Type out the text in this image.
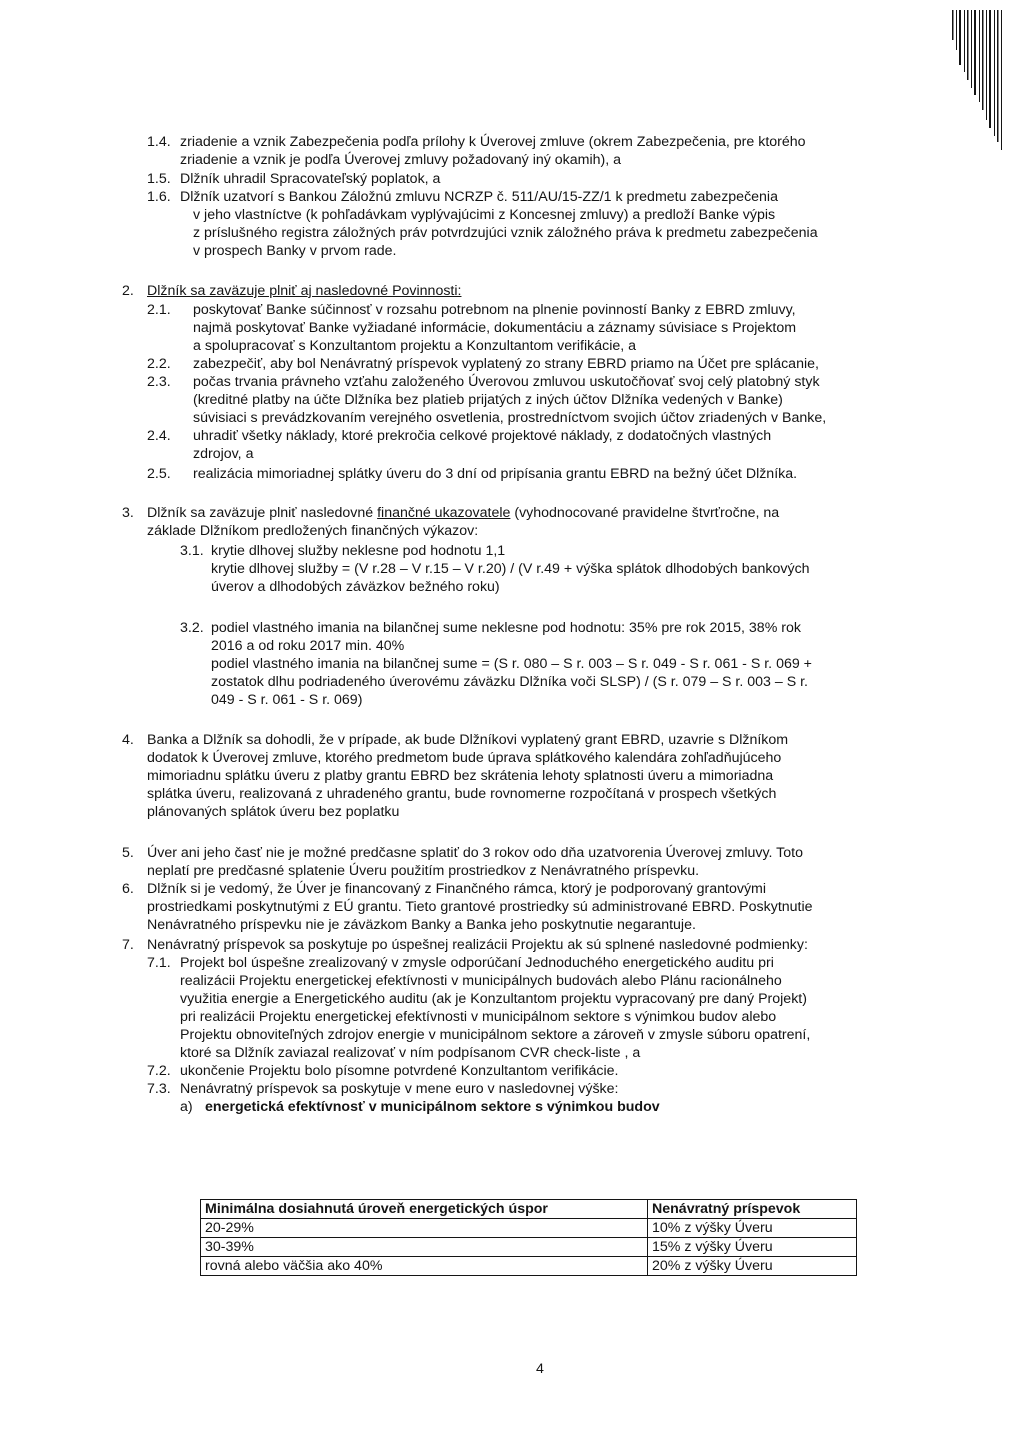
1.4. zriadenie a vznik Zabezpečenia podľa prílohy k Úverovej zmluve (okrem Zabezpečenia, pre ktorého
zriadenie a vznik je podľa Úverovej zmluvy požadovaný iný okamih), a
1.5. Dlžník uhradil Spracovateľský poplatok, a
1.6. Dlžník uzatvorí s Bankou Záložnú zmluvu NCRZP č. 511/AU/15-ZZ/1 k predmetu zabezpečenia
v jeho vlastníctve (k pohľadávkam vyplývajúcimi z Koncesnej zmluvy) a predloží Banke výpis
z príslušného registra záložných práv potvrdzujúci vznik záložného práva k predmetu zabezpečenia
v prospech Banky v prvom rade.
2. Dlžník sa zaväzuje plniť aj nasledovné Povinnosti:
2.1. poskytovať Banke súčinnosť v rozsahu potrebnom na plnenie povinností Banky z EBRD zmluvy,
najmä poskytovať Banke vyžiadané informácie, dokumentáciu a záznamy súvisiace s Projektom
a spolupracovať s Konzultantom projektu a Konzultantom verifikácie, a
2.2. zabezpečiť, aby bol Nenávratný príspevok vyplatený zo strany EBRD priamo na Účet pre splácanie,
2.3. počas trvania právneho vzťahu založeného Úverovou zmluvou uskutočňovať svoj celý platobný styk
(kreditné platby na účte Dlžníka bez platieb prijatých z iných účtov Dlžníka vedených v Banke)
súvisiaci s prevádzkovaním verejného osvetlenia, prostredníctvom svojich účtov zriadených v Banke,
2.4. uhradiť všetky náklady, ktoré prekročia celkové projektové náklady, z dodatočných vlastných
zdrojov, a
2.5. realizácia mimoriadnej splátky úveru do 3 dní od pripísania grantu EBRD na bežný účet Dlžníka.
3. Dlžník sa zaväzuje plniť nasledovné finančné ukazovatele (vyhodnocované pravidelne štvrťročne, na
základe Dlžníkom predložených finančných výkazov:
3.1. krytie dlhovej služby neklesne pod hodnotu 1,1
krytie dlhovej služby = (V r.28 – V r.15 – V r.20) / (V r.49 + výška splátok dlhodobých bankových
úverov a dlhodobých záväzkov bežného roku)
3.2. podiel vlastného imania na bilančnej sume neklesne pod hodnotu: 35% pre rok 2015, 38% rok
2016 a od roku 2017 min. 40%
podiel vlastného imania na bilančnej sume = (S r. 080 – S r. 003 – S r. 049 - S r. 061 - S r. 069 +
zostatok dlhu podriadeného úverovému záväzku Dlžníka voči SLSP) / (S r. 079 – S r. 003 – S r.
049 - S r. 061 - S r. 069)
4. Banka a Dlžník sa dohodli, že v prípade, ak bude Dlžníkovi vyplatený grant EBRD, uzavrie s Dlžníkom
dodatok k Úverovej zmluve, ktorého predmetom bude úprava splátkového kalendára zohľadňujúceho
mimoriadnu splátku úveru z platby grantu EBRD bez skrátenia lehoty splatnosti úveru a mimoriadna
splátka úveru, realizovaná z uhradeného grantu, bude rovnomerne rozpočítaná v prospech všetkých
plánovaných splátok úveru bez poplatku
5. Úver ani jeho časť nie je možné predčasne splatiť do 3 rokov odo dňa uzatvorenia Úverovej zmluvy. Toto
neplatí pre predčasné splatenie Úveru použitím prostriedkov z Nenávratného príspevku.
6. Dlžník si je vedomý, že Úver je financovaný z Finančného rámca, ktorý je podporovaný grantovými
prostriedkami poskytnutými z EÚ grantu. Tieto grantové prostriedky sú administrované EBRD. Poskytnutie
Nenávratného príspevku nie je záväzkom Banky a Banka jeho poskytnutie negarantuje.
7. Nenávratný príspevok sa poskytuje po úspešnej realizácii Projektu ak sú splnené nasledovné podmienky:
7.1. Projekt bol úspešne zrealizovaný v zmysle odporúčaní Jednoduchého energetického auditu pri
realizácii Projektu energetickej efektívnosti v municipálnych budovách alebo Plánu racionálneho
využitia energie a Energetického auditu (ak je Konzultantom projektu vypracovaný pre daný Projekt)
pri realizácii Projektu energetickej efektívnosti v municipálnom sektore s výnimkou budov alebo
Projektu obnoviteľných zdrojov energie v municipálnom sektore a zároveň v zmysle súboru opatrení,
ktoré sa Dlžník zaviazal realizovať v ním podpísanom CVR check-liste , a
7.2. ukončenie Projektu bolo písomne potvrdené Konzultantom verifikácie.
7.3. Nenávratný príspevok sa poskytuje v mene euro v nasledovnej výške:
a) energetická efektívnosť v municipálnom sektore s výnimkou budov
Minimálna dosiahnutá úroveň energetických úspor	Nenávratný príspevok
20-29%	10% z výšky Úveru
30-39%	15% z výšky Úveru
rovná alebo väčšia ako 40%	20% z výšky Úveru
4
